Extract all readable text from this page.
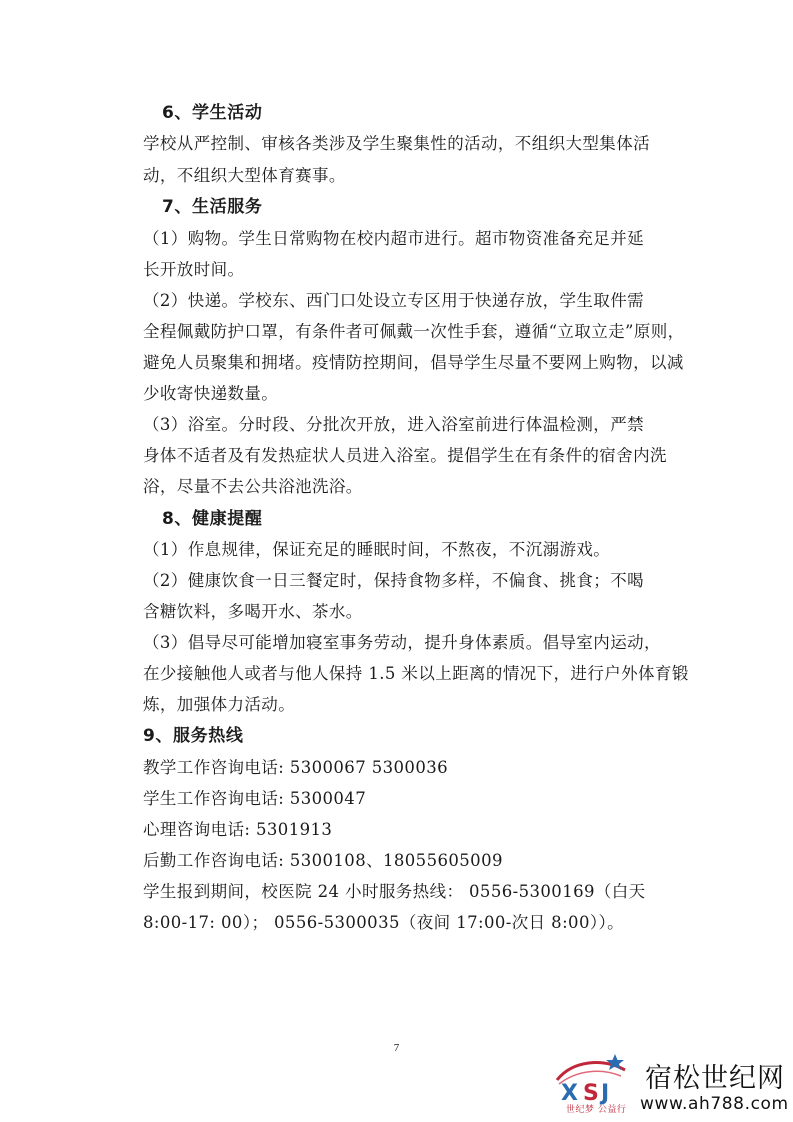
6、学生活动
学校从严控制、审核各类涉及学生聚集性的活动，不组织大型集体活
动，不组织大型体育赛事。
7、生活服务
（1）购物。学生日常购物在校内超市进行。超市物资准备充足并延
长开放时间。
（2）快递。学校东、西门口处设立专区用于快递存放，学生取件需
全程佩戴防护口罩，有条件者可佩戴一次性手套，遵循“立取立走”原则，
避免人员聚集和拥堵。疫情防控期间，倡导学生尽量不要网上购物，以减
少收寄快递数量。
（3）浴室。分时段、分批次开放，进入浴室前进行体温检测，严禁
身体不适者及有发热症状人员进入浴室。提倡学生在有条件的宿舍内洗
浴，尽量不去公共浴池洗浴。
8、健康提醒
（1）作息规律，保证充足的睡眠时间，不熬夜，不沉溺游戏。
（2）健康饮食一日三餐定时，保持食物多样，不偏食、挑食；不喝
含糖饮料，多喝开水、茶水。
（3）倡导尽可能增加寝室事务劳动，提升身体素质。倡导室内运动，
在少接触他人或者与他人保持 1.5 米以上距离的情况下，进行户外体育锻
炼，加强体力活动。
9、服务热线
教学工作咨询电话: 5300067 5300036
学生工作咨询电话: 5300047
心理咨询电话: 5301913
后勤工作咨询电话: 5300108、18055605009
学生报到期间，校医院 24 小时服务热线： 0556-5300169（白天
8:00-17: 00）； 0556-5300035（夜间 17:00-次日 8:00））。
7
X S J
世纪梦 公益行
宿松世纪网
www.ah788.com
